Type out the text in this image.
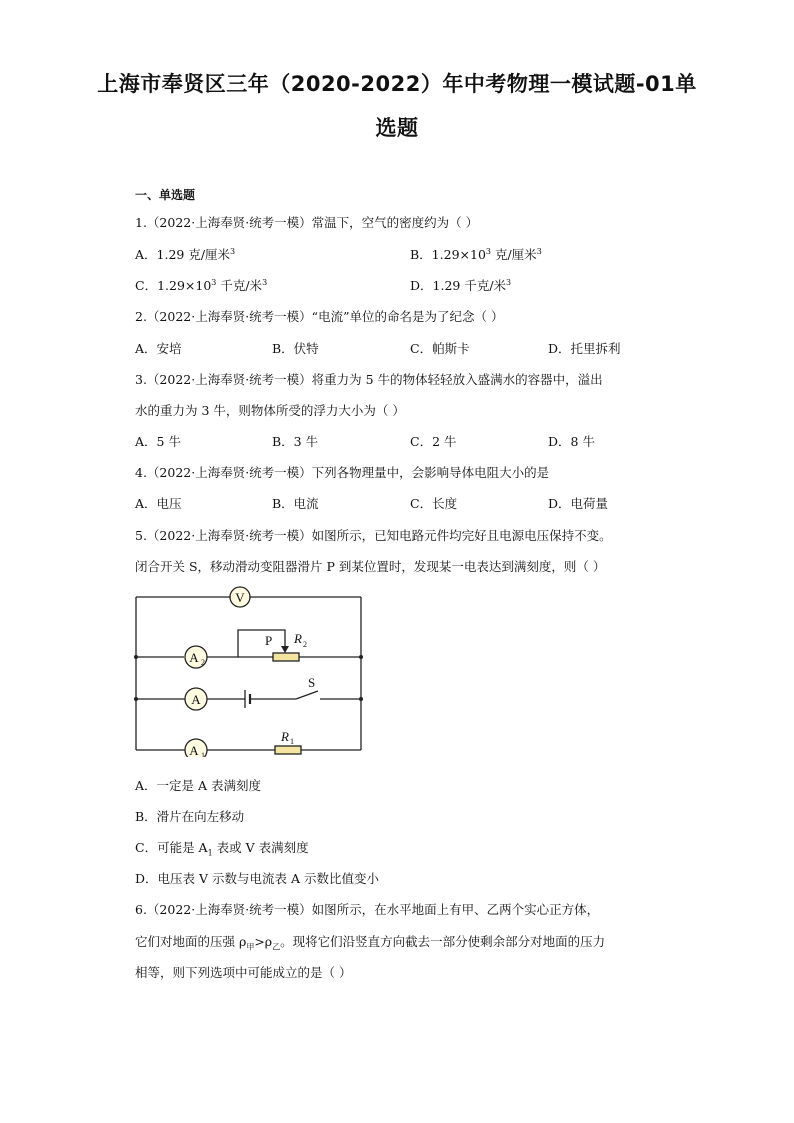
上海市奉贤区三年（2020-2022）年中考物理一模试题-01单
选题
一、单选题
1.（2022·上海奉贤·统考一模）常温下，空气的密度约为（ ）
A．1.29 克/厘米$^3$	B．$1.29\times 10^3$ 克/厘米$^3$
C．$1.29\times 10^3$ 千克/米$^3$	D．1.29 千克/米$^3$
2.（2022·上海奉贤·统考一模）“电流”单位的命名是为了纪念（ ）
A．安培	B．伏特	C．帕斯卡	D．托里拆利
3.（2022·上海奉贤·统考一模）将重力为 5 牛的物体轻轻放入盛满水的容器中，溢出
水的重力为 3 牛，则物体所受的浮力大小为（ ）
A．5 牛	B．3 牛	C．2 牛	D．8 牛
4.（2022·上海奉贤·统考一模）下列各物理量中，会影响导体电阻大小的是
A．电压	B．电流	C．长度	D．电荷量
5.（2022·上海奉贤·统考一模）如图所示，已知电路元件均完好且电源电压保持不变。
闭合开关 S，移动滑动变阻器滑片 P 到某位置时，发现某一电表达到满刻度，则（ ）
V
A 2
P R 2
A
S
A 1
R 1
A．一定是 A 表满刻度
B．滑片在向左移动
C．可能是 $A_1$ 表或 V 表满刻度
D．电压表 V 示数与电流表 A 示数比值变小
6.（2022·上海奉贤·统考一模）如图所示，在水平地面上有甲、乙两个实心正方体，
它们对地面的压强 $\rho_甲>\rho_乙$。现将它们沿竖直方向截去一部分使剩余部分对地面的压力
相等，则下列选项中可能成立的是（ ）
